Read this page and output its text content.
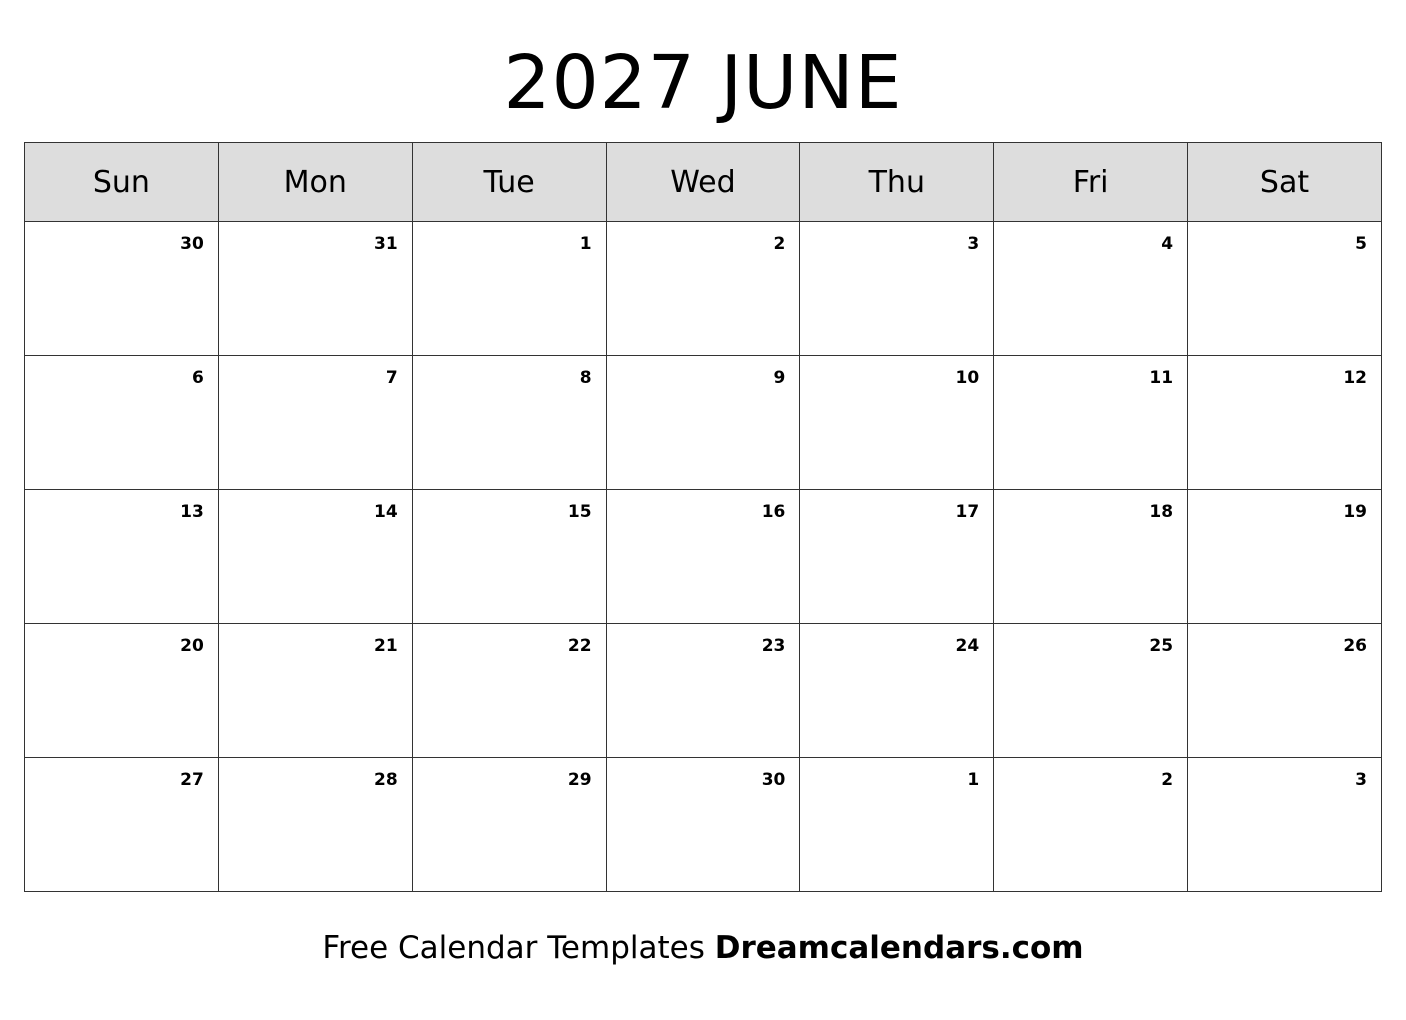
2027 JUNE
Sun	Mon	Tue	Wed	Thu	Fri	Sat

30	31	1	2	3	4	5

6	7	8	9	10	11	12

13	14	15	16	17	18	19

20	21	22	23	24	25	26

27	28	29	30	1	2	3
Free Calendar Templates Dreamcalendars.com
